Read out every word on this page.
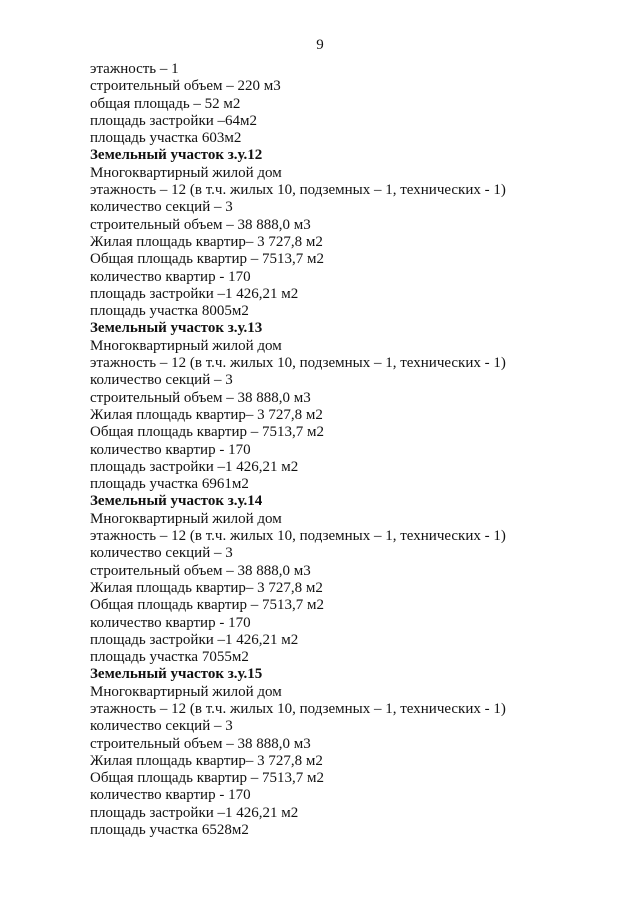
9
этажность – 1
строительный объем – 220 м3
общая площадь – 52 м2
площадь застройки –64м2
площадь участка 603м2
Земельный участок з.у.12
Многоквартирный жилой дом
этажность – 12 (в т.ч. жилых 10, подземных – 1, технических - 1)
количество секций – 3
строительный объем – 38 888,0 м3
Жилая площадь квартир– 3 727,8 м2
Общая площадь квартир – 7513,7 м2
количество квартир - 170
площадь застройки –1 426,21 м2
площадь участка 8005м2
Земельный участок з.у.13
Многоквартирный жилой дом
этажность – 12 (в т.ч. жилых 10, подземных – 1, технических - 1)
количество секций – 3
строительный объем – 38 888,0 м3
Жилая площадь квартир– 3 727,8 м2
Общая площадь квартир – 7513,7 м2
количество квартир - 170
площадь застройки –1 426,21 м2
площадь участка 6961м2
Земельный участок з.у.14
Многоквартирный жилой дом
этажность – 12 (в т.ч. жилых 10, подземных – 1, технических - 1)
количество секций – 3
строительный объем – 38 888,0 м3
Жилая площадь квартир– 3 727,8 м2
Общая площадь квартир – 7513,7 м2
количество квартир - 170
площадь застройки –1 426,21 м2
площадь участка 7055м2
Земельный участок з.у.15
Многоквартирный жилой дом
этажность – 12 (в т.ч. жилых 10, подземных – 1, технических - 1)
количество секций – 3
строительный объем – 38 888,0 м3
Жилая площадь квартир– 3 727,8 м2
Общая площадь квартир – 7513,7 м2
количество квартир - 170
площадь застройки –1 426,21 м2
площадь участка 6528м2
